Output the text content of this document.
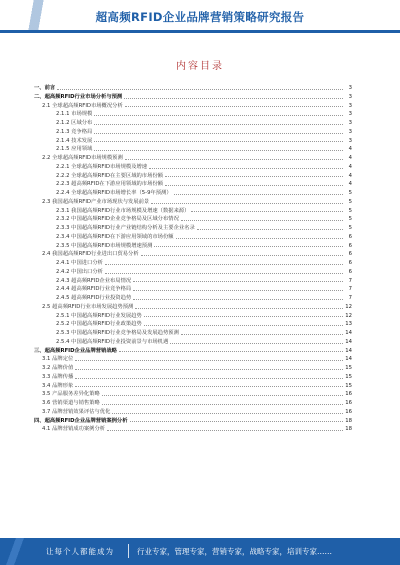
超高频RFID企业品牌营销策略研究报告
内容目录
一、前言	3
二、超高频RFID行业市场分析与预测	3
2.1 全球超高频RFID市场概况分析	3
2.1.1 市场规模	3
2.1.2 区域分布	3
2.1.3 竞争格局	3
2.1.4 技术发展	3
2.1.5 应用领域	4
2.2 全球超高频RFID市场规模预测	4
2.2.1 全球超高频RFID市场规模及增速	4
2.2.2 全球超高频RFID在主要区域的市场份额	4
2.2.3 超高频RFID在下游应用领域的市场份额	4
2.2.4 全球超高频RFID市场增长率（5-9年预测）	5
2.3 我国超高频RFID产业市场现状与发展前景	5
2.3.1 我国超高频RFID行业市场规模及增速（数据来源）	5
2.3.2 中国超高频RFID企业竞争格局及区域分布情况	5
2.3.3 中国超高频RFID行业产业链结构分析及主要企业名录	5
2.3.4 中国超高频RFID在下游应用领域的市场份额	6
2.3.5 中国超高频RFID市场规模增速预测	6
2.4 我国超高频RFID行业进出口贸易分析	6
2.4.1 中国进口分析	6
2.4.2 中国出口分析	6
2.4.3 超高频RFID企业布局情况	7
2.4.4 超高频RFID行业竞争格局	7
2.4.5 超高频RFID行业投资趋势	7
2.5 超高频RFID行业市场发展趋势预测	12
2.5.1 中国超高频RFID行业发展趋势	12
2.5.2 中国超高频RFID行业政策趋势	13
2.5.3 中国超高频RFID行业竞争格局及发展趋势预测	14
2.5.4 中国超高频RFID行业投资前景与市场机遇	14
三、超高频RFID企业品牌营销战略	14
3.1 品牌定位	14
3.2 品牌价值	15
3.3 品牌传播	15
3.4 品牌形象	15
3.5 产品服务差异化策略	16
3.6 营销渠道与销售策略	16
3.7 品牌营销效果评估与优化	16
四、超高频RFID企业品牌营销案例分析	18
4.1 品牌营销成功案例分析	18
让每个人都能成为	行业专家，管理专家，营销专家，战略专家，培训专家……
